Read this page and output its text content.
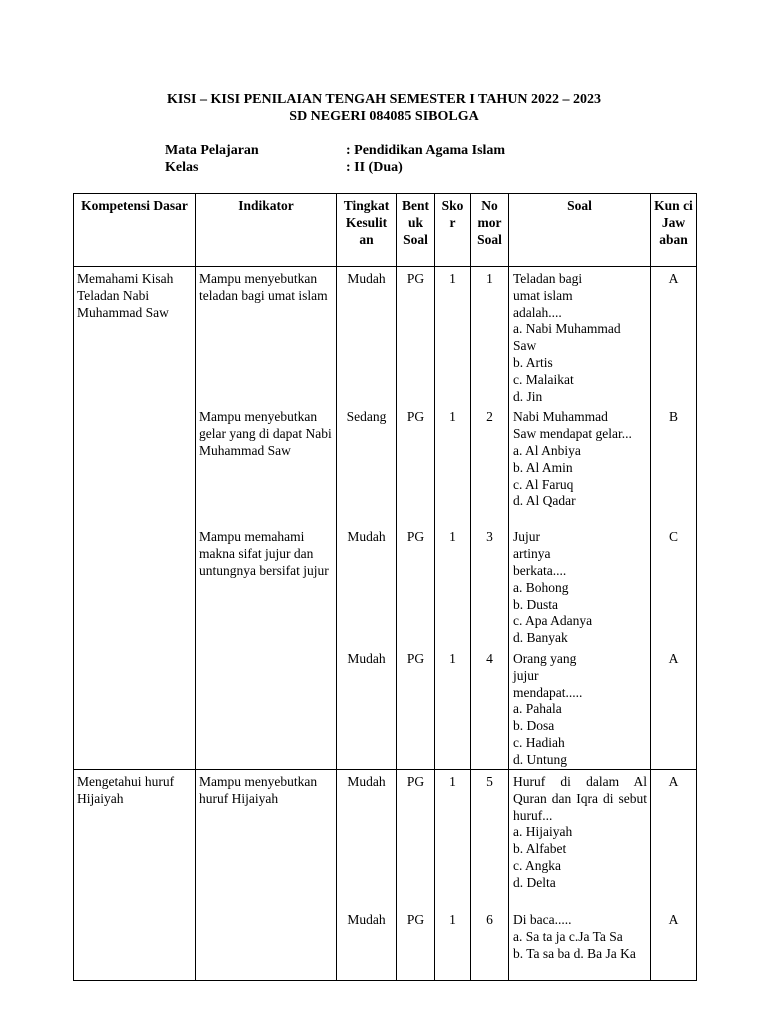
KISI – KISI PENILAIAN TENGAH SEMESTER I TAHUN 2022 – 2023
SD NEGERI 084085 SIBOLGA
Mata Pelajaran	: Pendidikan Agama Islam
Kelas	: II (Dua)
Kompetensi Dasar	Indikator	Tingkat Kesulit an	Bent uk Soal	Sko r	No mor Soal	Soal	Kun ci Jaw aban
Memahami Kisah Teladan Nabi Muhammad Saw	Mampu menyebutkan teladan bagi umat islam	Mudah	PG	1	1	Teladan bagi umat islam adalah....
a. Nabi Muhammad Saw
b. Artis
c. Malaikat
d. Jin	A
	Mampu menyebutkan gelar yang di dapat Nabi Muhammad Saw	Sedang	PG	1	2	Nabi Muhammad Saw mendapat gelar...
a. Al Anbiya
b. Al Amin
c. Al Faruq
d. Al Qadar	B
	Mampu memahami makna sifat jujur dan untungnya bersifat jujur	Mudah	PG	1	3	Jujur artinya berkata....
a. Bohong
b. Dusta
c. Apa Adanya
d. Banyak	C
		Mudah	PG	1	4	Orang yang jujur mendapat.....
a. Pahala
b. Dosa
c. Hadiah
d. Untung	A
Mengetahui huruf Hijaiyah	Mampu menyebutkan huruf Hijaiyah	Mudah	PG	1	5	Huruf di dalam Al Quran dan Iqra di sebut huruf...
a. Hijaiyah
b. Alfabet
c. Angka
d. Delta	A
		Mudah	PG	1	6	Di baca.....
a. Sa ta ja c.Ja Ta Sa
b. Ta sa ba d. Ba Ja Ka	A
